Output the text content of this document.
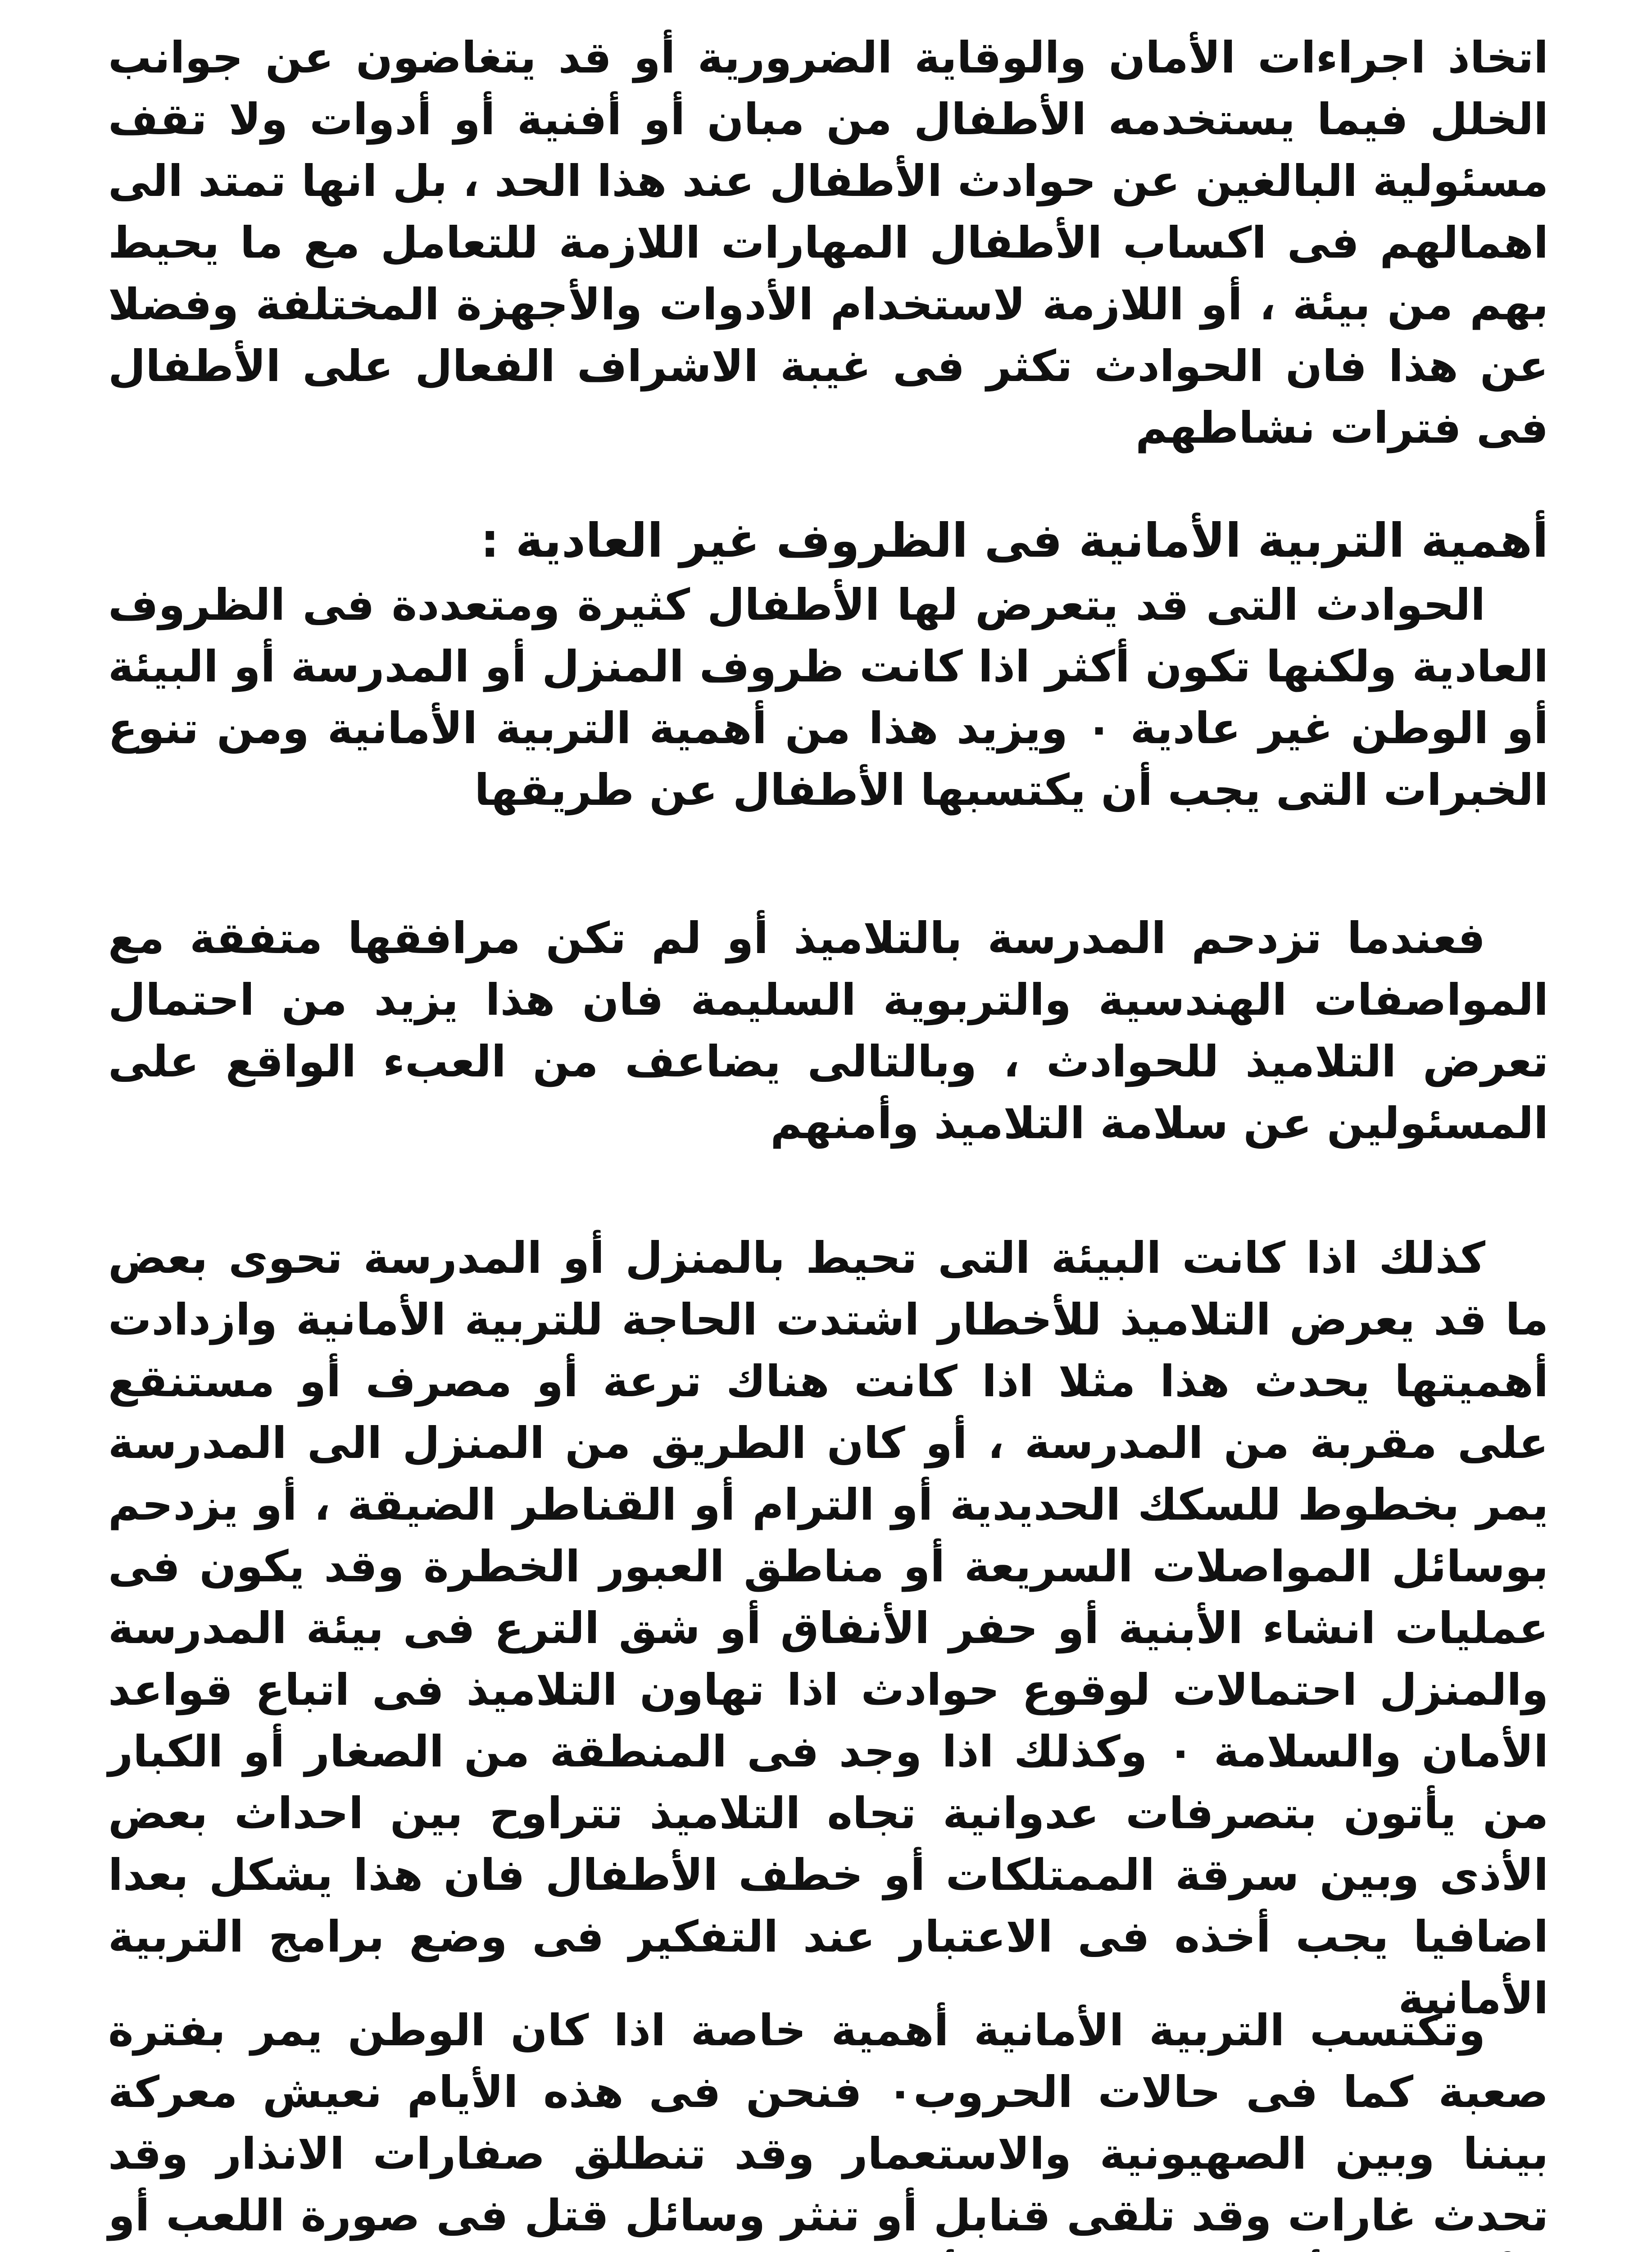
اتخاذ اجراءات الأمان والوقاية الضرورية أو قد يتغاضون عن جوانب الخلل فيما يستخدمه الأطفال من مبان أو أفنية أو أدوات ولا تقف مسئولية البالغين عن حوادث الأطفال عند هذا الحد ، بل انها تمتد الى اهمالهم فى اكساب الأطفال المهارات اللازمة للتعامل مع ما يحيط بهم من بيئة ، أو اللازمة لاستخدام الأدوات والأجهزة المختلفة وفضلا عن هذا فان الحوادث تكثر فى غيبة الاشراف الفعال على الأطفال فى فترات نشاطهم

أهمية التربية الأمانية فى الظروف غير العادية :

الحوادث التى قد يتعرض لها الأطفال كثيرة ومتعددة فى الظروف العادية ولكنها تكون أكثر اذا كانت ظروف المنزل أو المدرسة أو البيئة أو الوطن غير عادية ٠ ويزيد هذا من أهمية التربية الأمانية ومن تنوع الخبرات التى يجب أن يكتسبها الأطفال عن طريقها

فعندما تزدحم المدرسة بالتلاميذ أو لم تكن مرافقها متفقة مع المواصفات الهندسية والتربوية السليمة فان هذا يزيد من احتمال تعرض التلاميذ للحوادث ، وبالتالى يضاعف من العبء الواقع على المسئولين عن سلامة التلاميذ وأمنهم

كذلك اذا كانت البيئة التى تحيط بالمنزل أو المدرسة تحوى بعض ما قد يعرض التلاميذ للأخطار اشتدت الحاجة للتربية الأمانية وازدادت أهميتها يحدث هذا مثلا اذا كانت هناك ترعة أو مصرف أو مستنقع على مقربة من المدرسة ، أو كان الطريق من المنزل الى المدرسة يمر بخطوط للسكك الحديدية أو الترام أو القناطر الضيقة ، أو يزدحم بوسائل المواصلات السريعة أو مناطق العبور الخطرة وقد يكون فى عمليات انشاء الأبنية أو حفر الأنفاق أو شق الترع فى بيئة المدرسة والمنزل احتمالات لوقوع حوادث اذا تهاون التلاميذ فى اتباع قواعد الأمان والسلامة ٠ وكذلك اذا وجد فى المنطقة من الصغار أو الكبار من يأتون بتصرفات عدوانية تجاه التلاميذ تتراوح بين احداث بعض الأذى وبين سرقة الممتلكات أو خطف الأطفال فان هذا يشكل بعدا اضافيا يجب أخذه فى الاعتبار عند التفكير فى وضع برامج التربية الأمانية

وتكتسب التربية الأمانية أهمية خاصة اذا كان الوطن يمر بفترة صعبة كما فى حالات الحروب٠ فنحن فى هذه الأيام نعيش معركة بيننا وبين الصهيونية والاستعمار وقد تنطلق صفارات الانذار وقد تحدث غارات وقد تلقى قنابل أو تنثر وسائل قتل فى صورة اللعب أو
